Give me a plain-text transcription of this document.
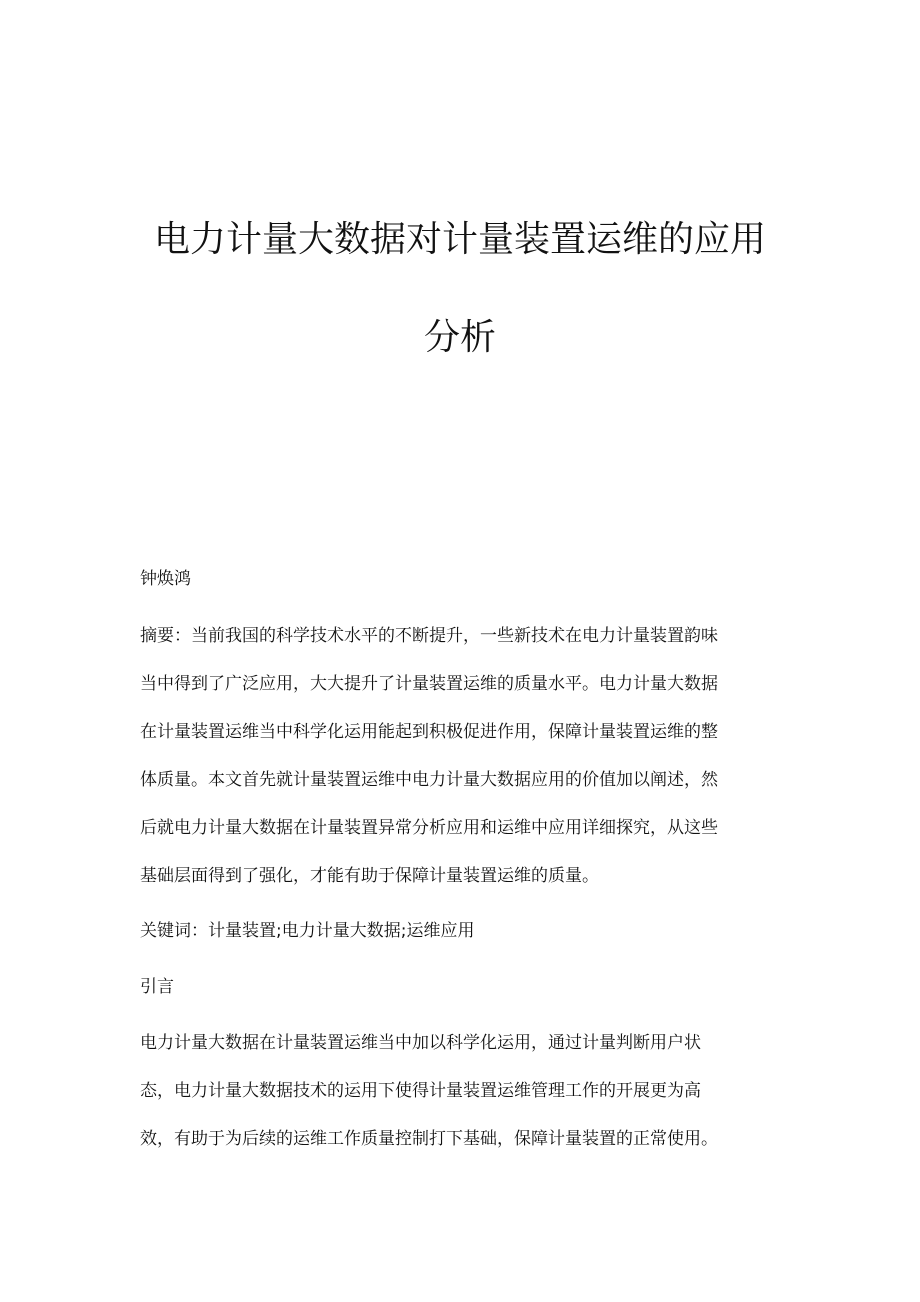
电力计量大数据对计量装置运维的应用
分析

钟焕鸿

摘要：当前我国的科学技术水平的不断提升，一些新技术在电力计量装置韵味
当中得到了广泛应用，大大提升了计量装置运维的质量水平。电力计量大数据
在计量装置运维当中科学化运用能起到积极促进作用，保障计量装置运维的整
体质量。本文首先就计量装置运维中电力计量大数据应用的价值加以阐述，然
后就电力计量大数据在计量装置异常分析应用和运维中应用详细探究，从这些
基础层面得到了强化，才能有助于保障计量装置运维的质量。

关键词：计量装置;电力计量大数据;运维应用

引言

电力计量大数据在计量装置运维当中加以科学化运用，通过计量判断用户状
态，电力计量大数据技术的运用下使得计量装置运维管理工作的开展更为高
效，有助于为后续的运维工作质量控制打下基础，保障计量装置的正常使用。
